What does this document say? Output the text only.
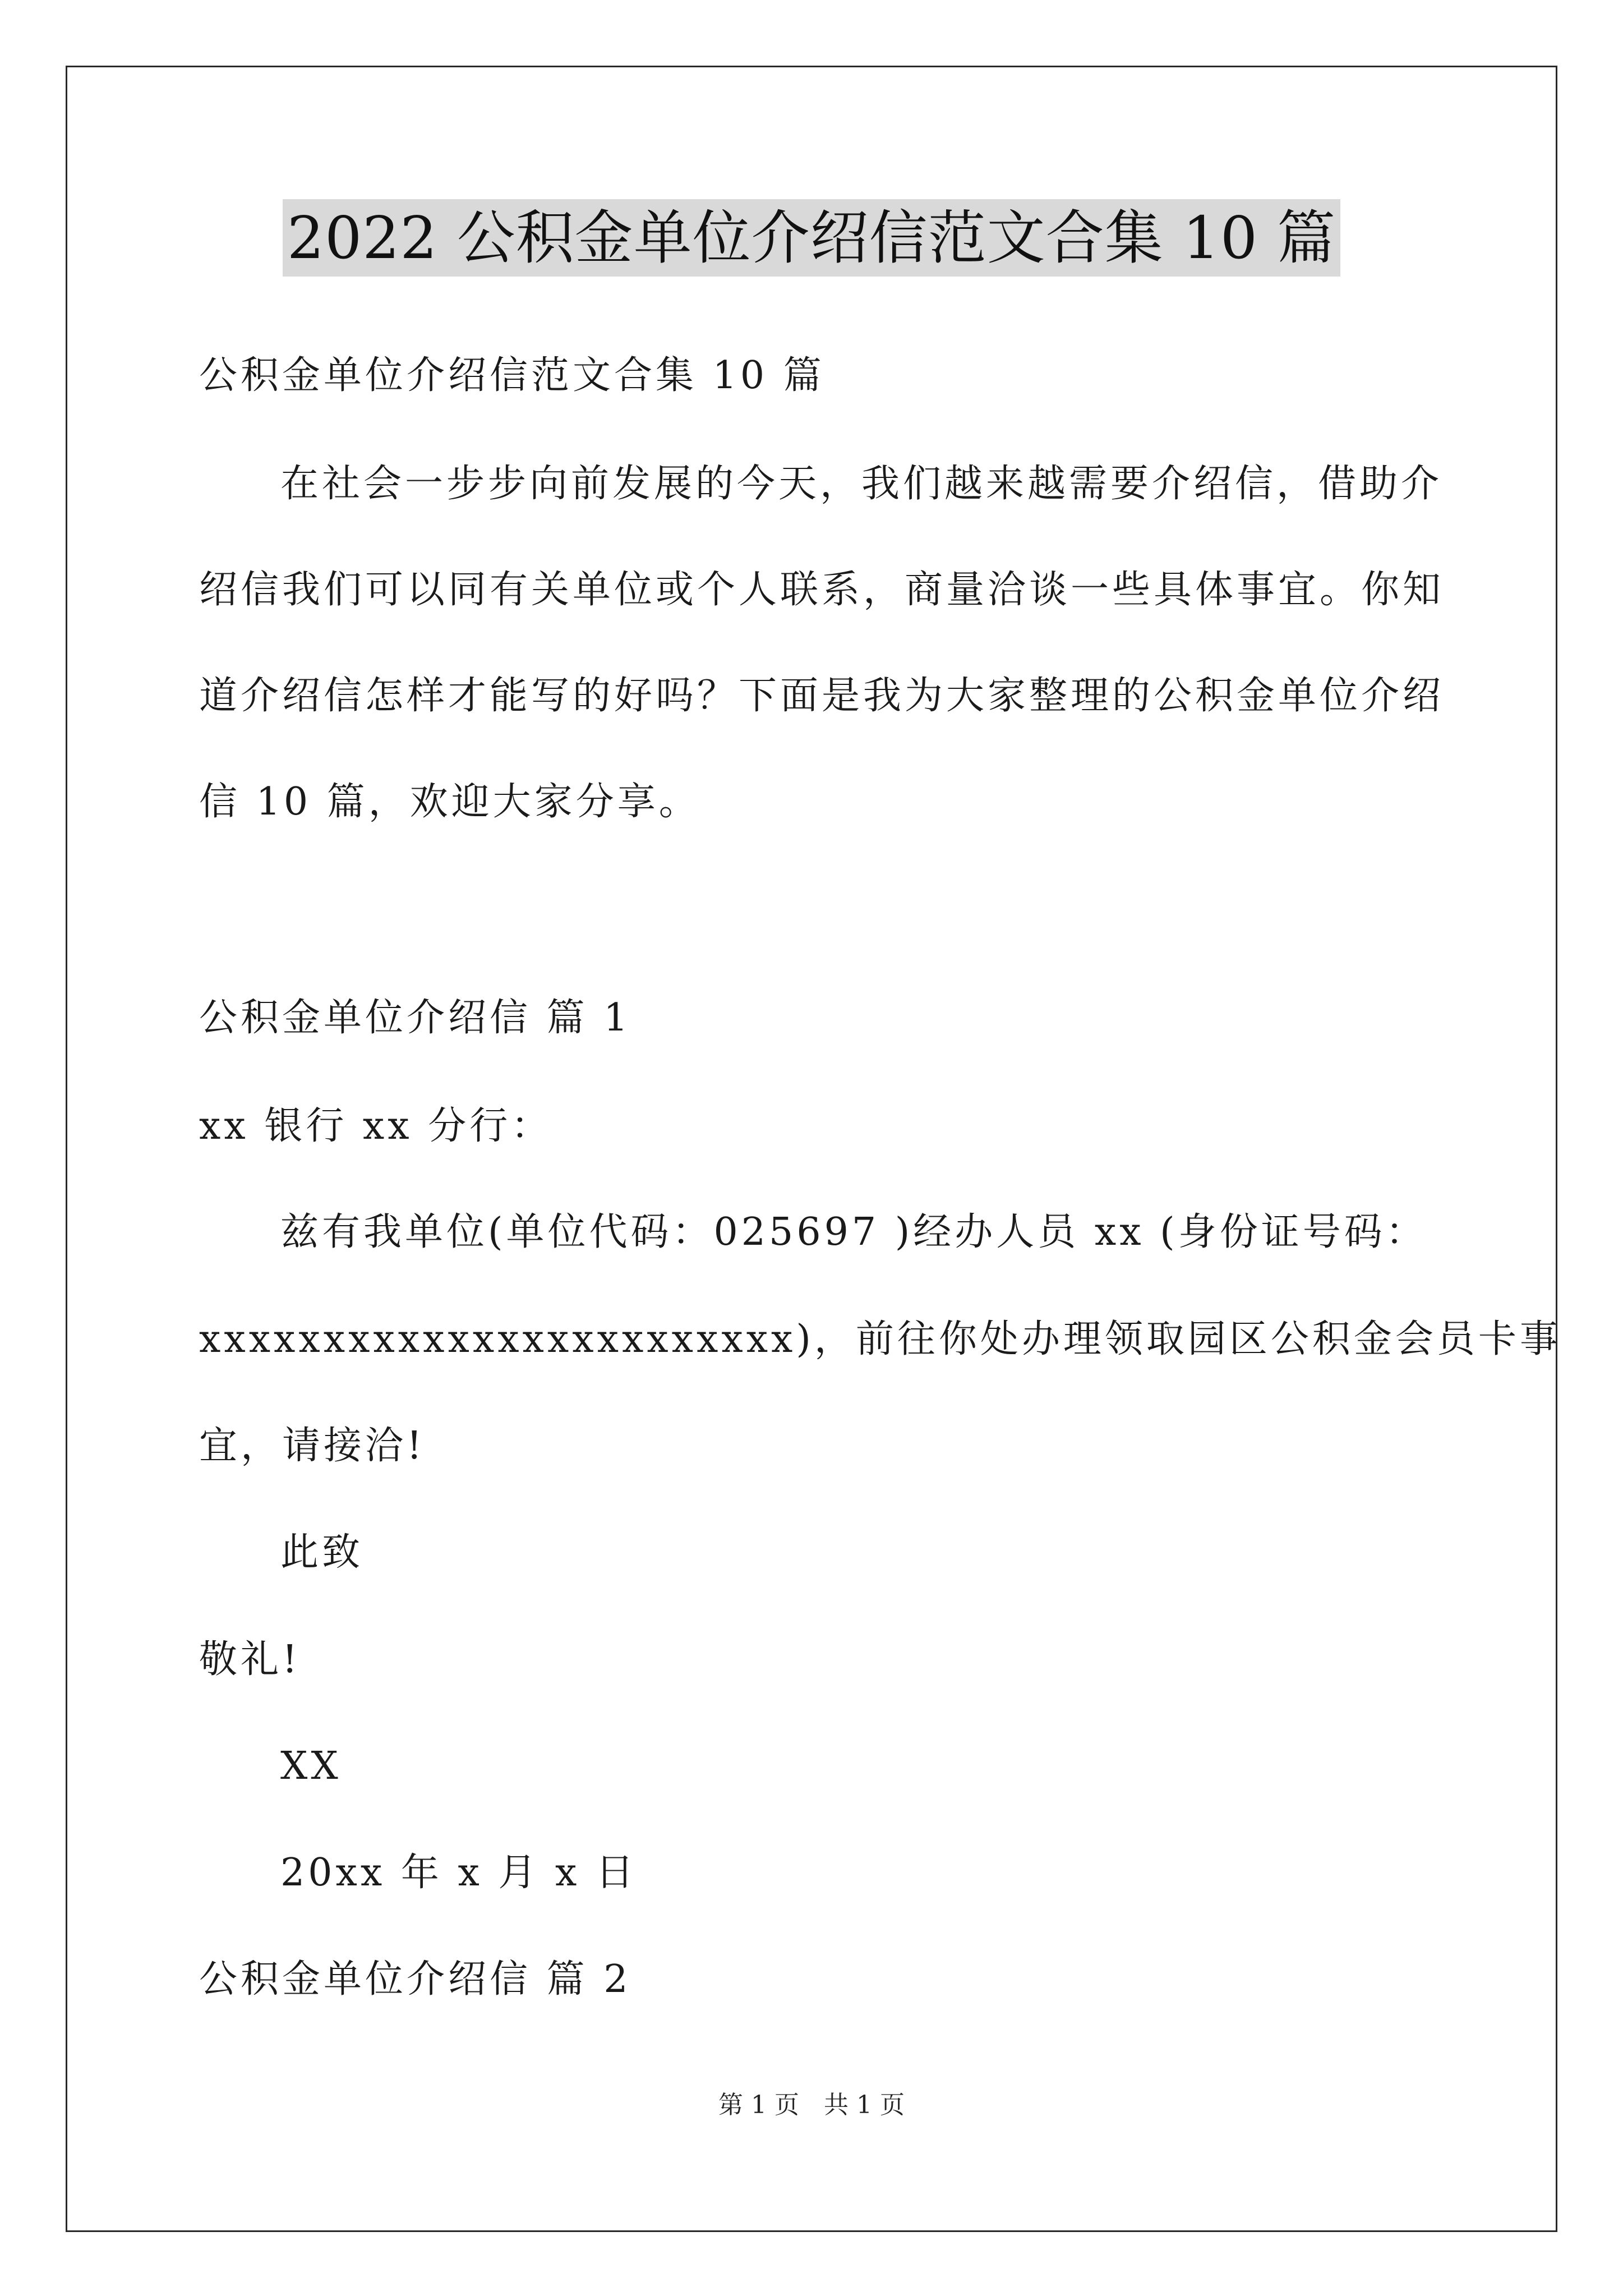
2022 公积金单位介绍信范文合集 10 篇
公积金单位介绍信范文合集 10 篇
在社会一步步向前发展的今天，我们越来越需要介绍信，借助介
绍信我们可以同有关单位或个人联系，商量洽谈一些具体事宜。你知
道介绍信怎样才能写的好吗？下面是我为大家整理的公积金单位介绍
信 10 篇，欢迎大家分享。
公积金单位介绍信 篇 1
xx 银行 xx 分行：
兹有我单位(单位代码：025697 )经办人员 xx (身份证号码：
xxxxxxxxxxxxxxxxxxxxxxxx)，前往你处办理领取园区公积金会员卡事
宜，请接洽!
此致
敬礼!
XX
20xx 年 x 月 x 日
公积金单位介绍信 篇 2
第 1 页　共 1 页
